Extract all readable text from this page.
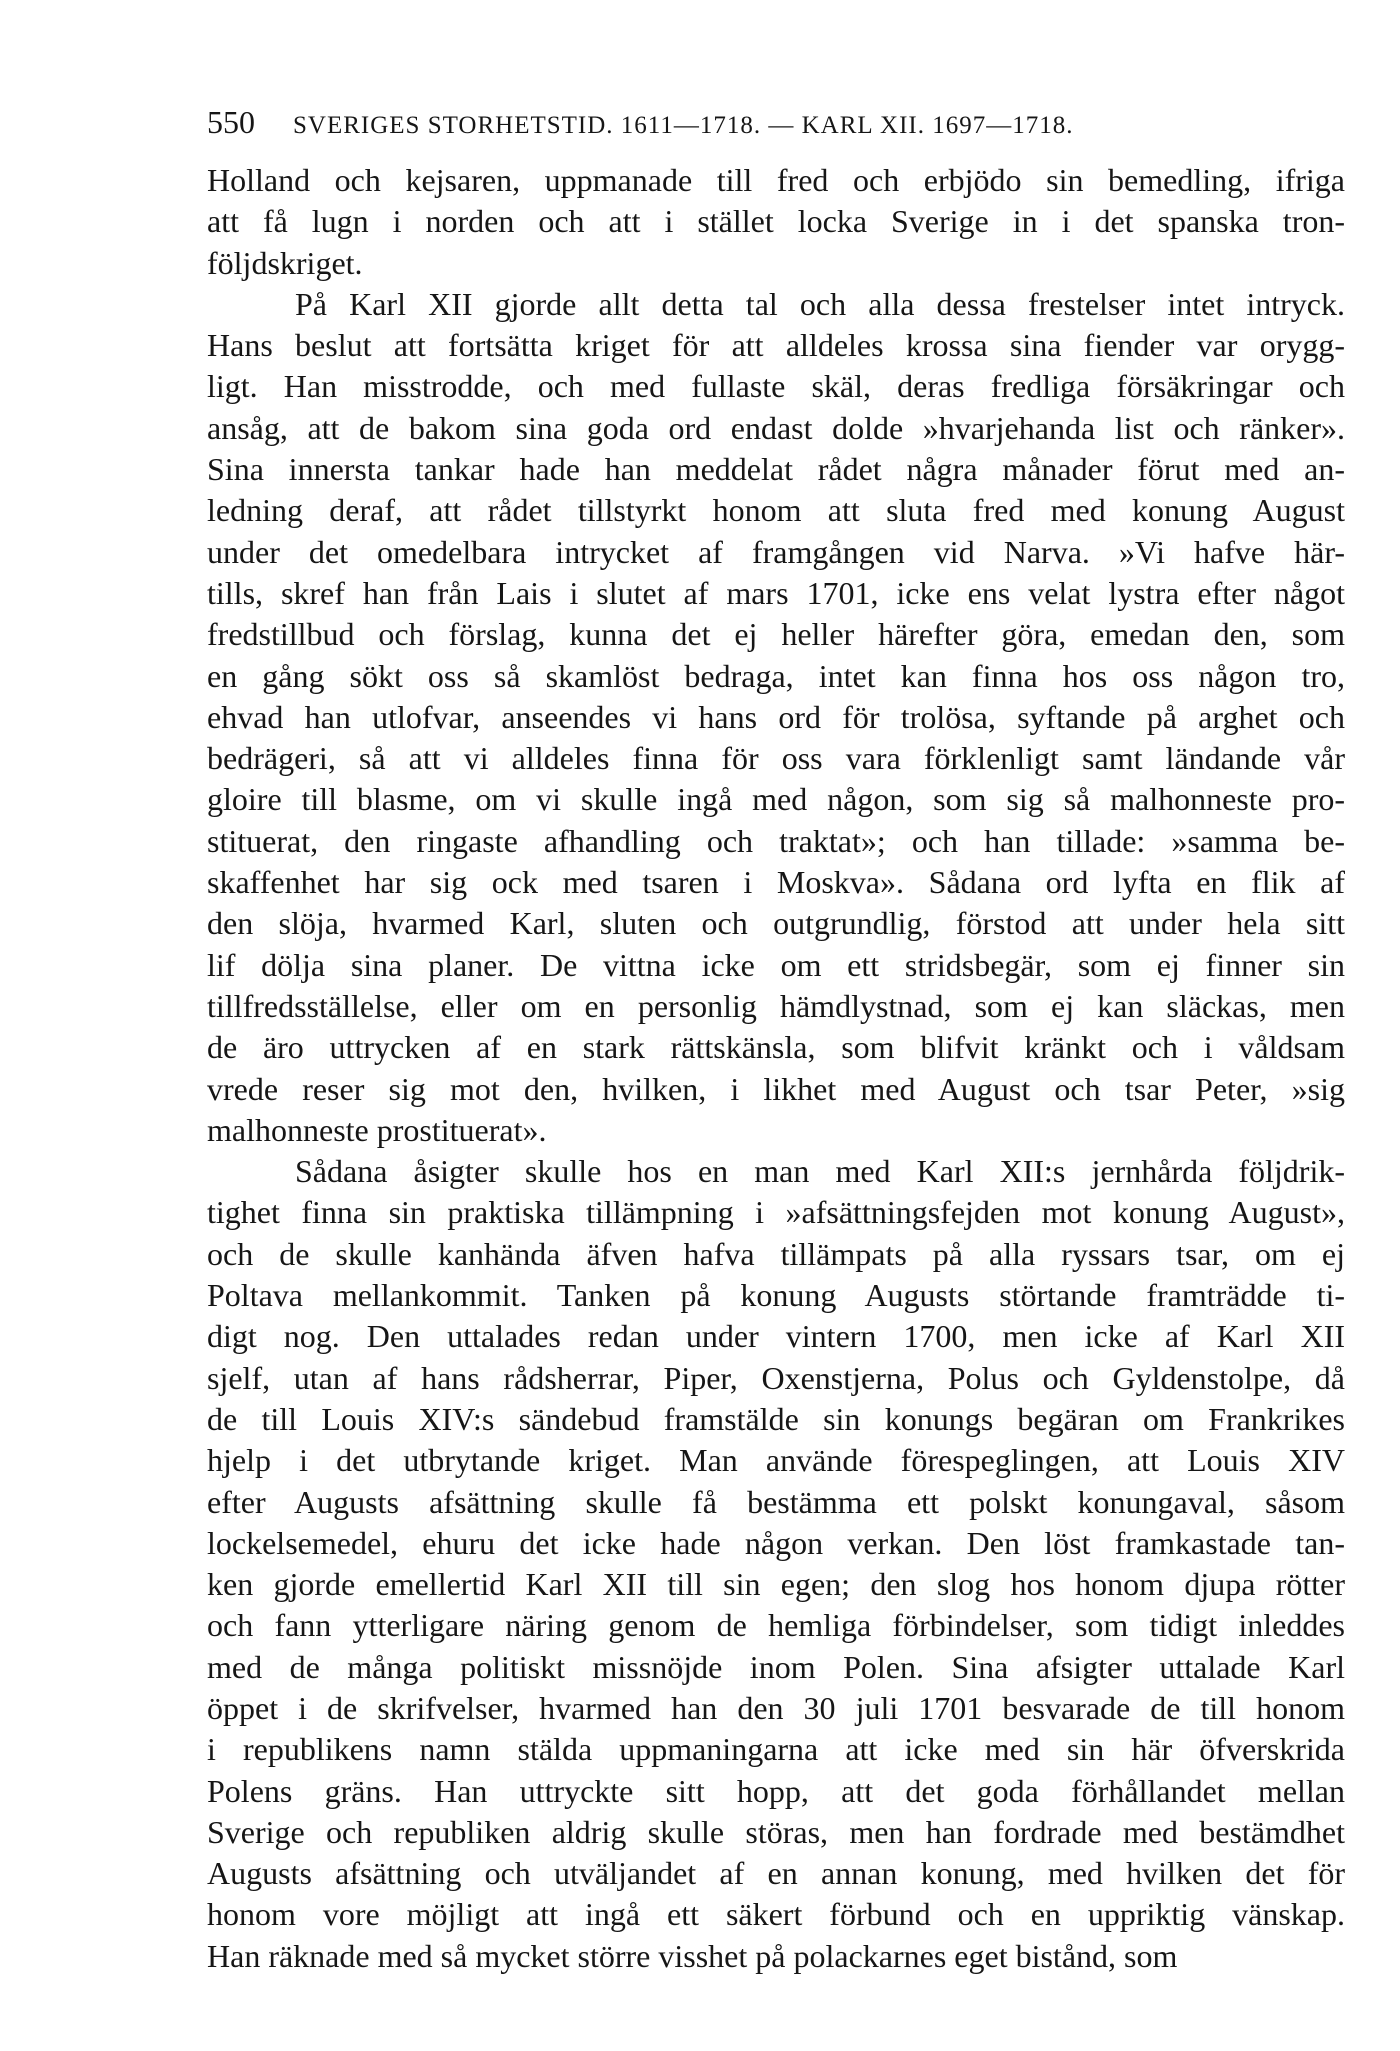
550 SVERIGES STORHETSTID. 1611—1718. — KARL XII. 1697—1718.
Holland och kejsaren, uppmanade till fred och erbjödo sin bemedling, ifriga
att få lugn i norden och att i stället locka Sverige in i det spanska tron-
följdskriget.
På Karl XII gjorde allt detta tal och alla dessa frestelser intet intryck.
Hans beslut att fortsätta kriget för att alldeles krossa sina fiender var orygg-
ligt. Han misstrodde, och med fullaste skäl, deras fredliga försäkringar och
ansåg, att de bakom sina goda ord endast dolde »hvarjehanda list och ränker».
Sina innersta tankar hade han meddelat rådet några månader förut med an-
ledning deraf, att rådet tillstyrkt honom att sluta fred med konung August
under det omedelbara intrycket af framgången vid Narva. »Vi hafve här-
tills, skref han från Lais i slutet af mars 1701, icke ens velat lystra efter något
fredstillbud och förslag, kunna det ej heller härefter göra, emedan den, som
en gång sökt oss så skamlöst bedraga, intet kan finna hos oss någon tro,
ehvad han utlofvar, anseendes vi hans ord för trolösa, syftande på arghet och
bedrägeri, så att vi alldeles finna för oss vara förklenligt samt ländande vår
gloire till blasme, om vi skulle ingå med någon, som sig så malhonneste pro-
stituerat, den ringaste afhandling och traktat»; och han tillade: »samma be-
skaffenhet har sig ock med tsaren i Moskva». Sådana ord lyfta en flik af
den slöja, hvarmed Karl, sluten och outgrundlig, förstod att under hela sitt
lif dölja sina planer. De vittna icke om ett stridsbegär, som ej finner sin
tillfredsställelse, eller om en personlig hämdlystnad, som ej kan släckas, men
de äro uttrycken af en stark rättskänsla, som blifvit kränkt och i våldsam
vrede reser sig mot den, hvilken, i likhet med August och tsar Peter, »sig
malhonneste prostituerat».
Sådana åsigter skulle hos en man med Karl XII:s jernhårda följdrik-
tighet finna sin praktiska tillämpning i »afsättningsfejden mot konung August»,
och de skulle kanhända äfven hafva tillämpats på alla ryssars tsar, om ej
Poltava mellankommit. Tanken på konung Augusts störtande framträdde ti-
digt nog. Den uttalades redan under vintern 1700, men icke af Karl XII
sjelf, utan af hans rådsherrar, Piper, Oxenstjerna, Polus och Gyldenstolpe, då
de till Louis XIV:s sändebud framstälde sin konungs begäran om Frankrikes
hjelp i det utbrytande kriget. Man använde förespeglingen, att Louis XIV
efter Augusts afsättning skulle få bestämma ett polskt konungaval, såsom
lockelsemedel, ehuru det icke hade någon verkan. Den löst framkastade tan-
ken gjorde emellertid Karl XII till sin egen; den slog hos honom djupa rötter
och fann ytterligare näring genom de hemliga förbindelser, som tidigt inleddes
med de många politiskt missnöjde inom Polen. Sina afsigter uttalade Karl
öppet i de skrifvelser, hvarmed han den 30 juli 1701 besvarade de till honom
i republikens namn stälda uppmaningarna att icke med sin här öfverskrida
Polens gräns. Han uttryckte sitt hopp, att det goda förhållandet mellan
Sverige och republiken aldrig skulle störas, men han fordrade med bestämdhet
Augusts afsättning och utväljandet af en annan konung, med hvilken det för
honom vore möjligt att ingå ett säkert förbund och en uppriktig vänskap.
Han räknade med så mycket större visshet på polackarnes eget bistånd, som
